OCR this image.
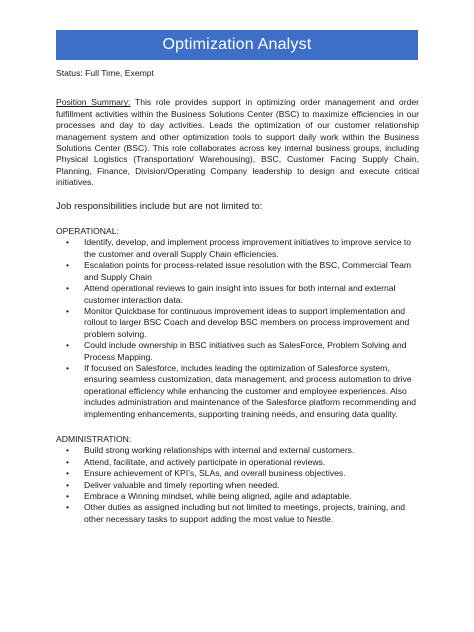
Optimization Analyst

Status: Full Time, Exempt

Position Summary: This role provides support in optimizing order management and order fulfillment activities within the Business Solutions Center (BSC) to maximize efficiencies in our processes and day to day activities. Leads the optimization of our customer relationship management system and other optimization tools to support daily work within the Business Solutions Center (BSC). This role collaborates across key internal business groups, including Physical Logistics (Transportation/ Warehousing), BSC, Customer Facing Supply Chain, Planning, Finance, Division/Operating Company leadership to design and execute critical initiatives.

Job responsibilities include but are not limited to:

OPERATIONAL:

• Identify, develop, and implement process improvement initiatives to improve service to the customer and overall Supply Chain efficiencies.
• Escalation points for process-related issue resolution with the BSC, Commercial Team and Supply Chain
• Attend operational reviews to gain insight into issues for both internal and external customer interaction data.
• Monitor Quickbase for continuous improvement ideas to support implementation and rollout to larger BSC Coach and develop BSC members on process improvement and problem solving.
• Could include ownership in BSC initiatives such as SalesForce, Problem Solving and Process Mapping.
• If focused on Salesforce, includes leading the optimization of Salesforce system, ensuring seamless customization, data management, and process automation to drive operational efficiency while enhancing the customer and employee experiences. Also includes administration and maintenance of the Salesforce platform recommending and implementing enhancements, supporting training needs, and ensuring data quality.

ADMINISTRATION:

• Build strong working relationships with internal and external customers.
• Attend, facilitate, and actively participate in operational reviews.
• Ensure achievement of KPI’s, SLAs, and overall business objectives.
• Deliver valuable and timely reporting when needed.
• Embrace a Winning mindset, while being aligned, agile and adaptable.
• Other duties as assigned including but not limited to meetings, projects, training, and other necessary tasks to support adding the most value to Nestle.
